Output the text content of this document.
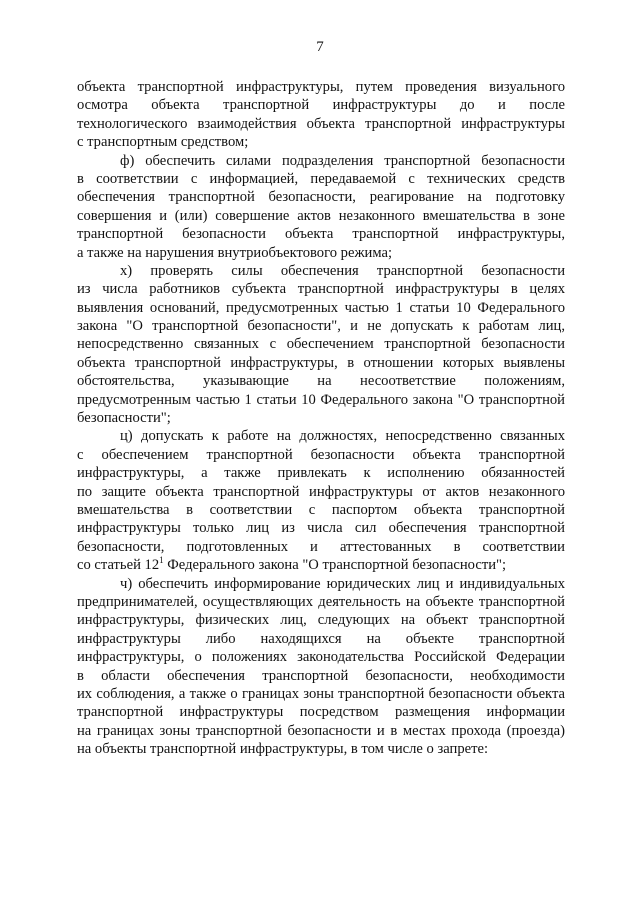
7
объекта транспортной инфраструктуры, путем проведения визуального
осмотра объекта транспортной инфраструктуры до и после
технологического взаимодействия объекта транспортной инфраструктуры
с транспортным средством;
ф) обеспечить силами подразделения транспортной безопасности
в соответствии с информацией, передаваемой с технических средств
обеспечения транспортной безопасности, реагирование на подготовку
совершения и (или) совершение актов незаконного вмешательства в зоне
транспортной безопасности объекта транспортной инфраструктуры,
а также на нарушения внутриобъектового режима;
х) проверять силы обеспечения транспортной безопасности
из числа работников субъекта транспортной инфраструктуры в целях
выявления оснований, предусмотренных частью 1 статьи 10 Федерального
закона "О транспортной безопасности", и не допускать к работам лиц,
непосредственно связанных с обеспечением транспортной безопасности
объекта транспортной инфраструктуры, в отношении которых выявлены
обстоятельства, указывающие на несоответствие положениям,
предусмотренным частью 1 статьи 10 Федерального закона "О транспортной
безопасности";
ц) допускать к работе на должностях, непосредственно связанных
с обеспечением транспортной безопасности объекта транспортной
инфраструктуры, а также привлекать к исполнению обязанностей
по защите объекта транспортной инфраструктуры от актов незаконного
вмешательства в соответствии с паспортом объекта транспортной
инфраструктуры только лиц из числа сил обеспечения транспортной
безопасности, подготовленных и аттестованных в соответствии
со статьей $12^1$ Федерального закона "О транспортной безопасности";
ч) обеспечить информирование юридических лиц и индивидуальных
предпринимателей, осуществляющих деятельность на объекте транспортной
инфраструктуры, физических лиц, следующих на объект транспортной
инфраструктуры либо находящихся на объекте транспортной
инфраструктуры, о положениях законодательства Российской Федерации
в области обеспечения транспортной безопасности, необходимости
их соблюдения, а также о границах зоны транспортной безопасности объекта
транспортной инфраструктуры посредством размещения информации
на границах зоны транспортной безопасности и в местах прохода (проезда)
на объекты транспортной инфраструктуры, в том числе о запрете:
